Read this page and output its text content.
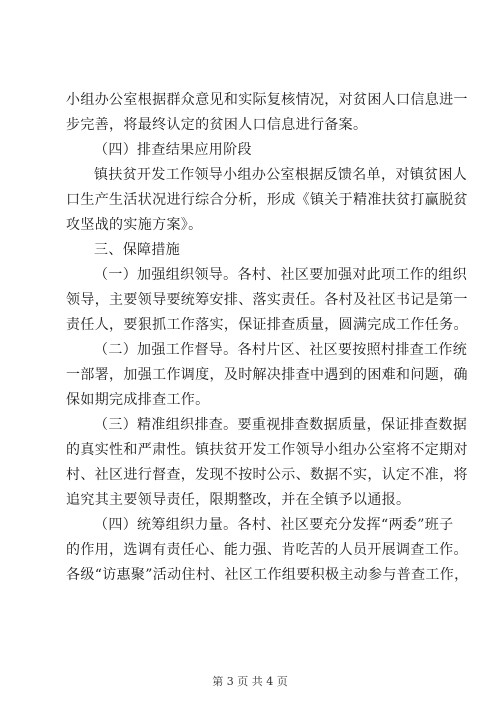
小组办公室根据群众意见和实际复核情况，对贫困人口信息进一
步完善，将最终认定的贫困人口信息进行备案。
（四）排查结果应用阶段
镇扶贫开发工作领导小组办公室根据反馈名单，对镇贫困人
口生产生活状况进行综合分析，形成《镇关于精准扶贫打赢脱贫
攻坚战的实施方案》。
三、保障措施
（一）加强组织领导。各村、社区要加强对此项工作的组织
领导，主要领导要统筹安排、落实责任。各村及社区书记是第一
责任人，要狠抓工作落实，保证排查质量，圆满完成工作任务。
（二）加强工作督导。各村片区、社区要按照村排查工作统
一部署，加强工作调度，及时解决排查中遇到的困难和问题，确
保如期完成排查工作。
（三）精准组织排查。要重视排查数据质量，保证排查数据
的真实性和严肃性。镇扶贫开发工作领导小组办公室将不定期对
村、社区进行督查，发现不按时公示、数据不实，认定不准，将
追究其主要领导责任，限期整改，并在全镇予以通报。
（四）统筹组织力量。各村、社区要充分发挥“两委”班子
的作用，选调有责任心、能力强、肯吃苦的人员开展调查工作。
各级“访惠聚”活动住村、社区工作组要积极主动参与普查工作，
第 3 页 共 4 页
